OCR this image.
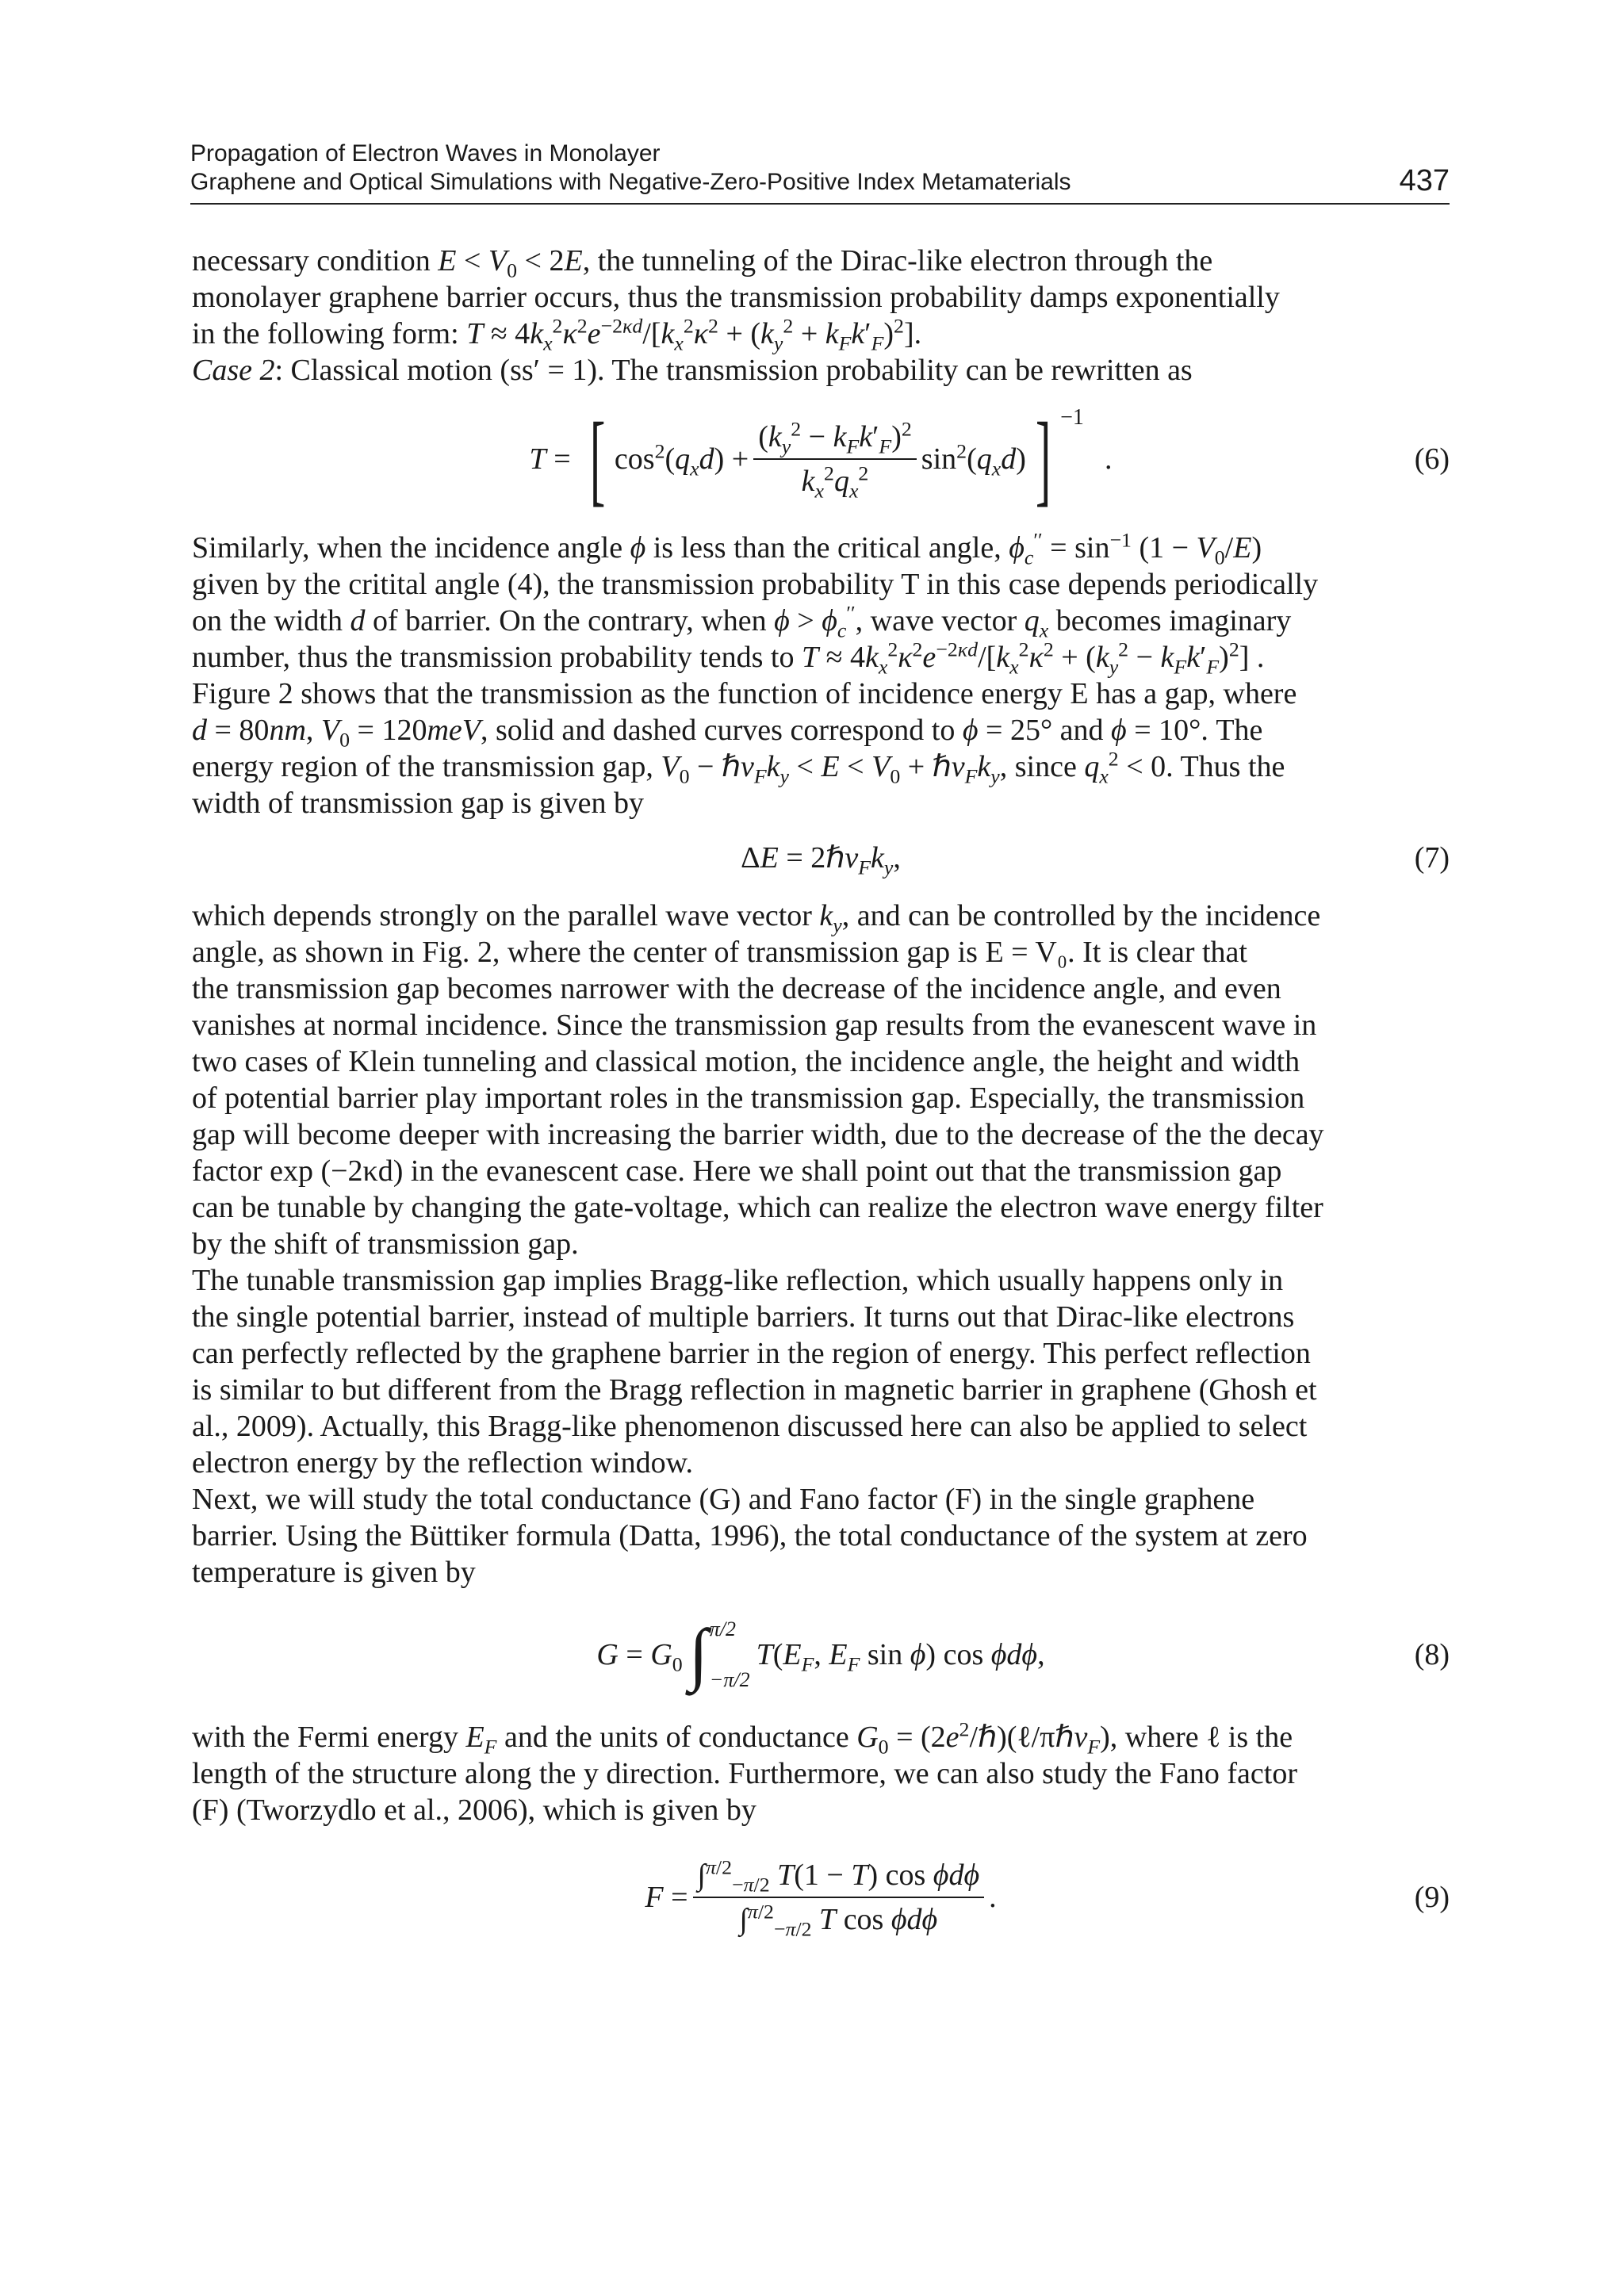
Propagation of Electron Waves in Monolayer
Graphene and Optical Simulations with Negative-Zero-Positive Index Metamaterials	437

necessary condition $E < V_0 < 2E$, the tunneling of the Dirac-like electron through the
monolayer graphene barrier occurs, thus the transmission probability damps exponentially
in the following form: $T \approx 4k_x^2\kappa^2e^{-2\kappa d}/[k_x^2\kappa^2 + (k_y^2 + k_Fk'_F)^2]$.
Case 2: Classical motion (ss′ = 1). The transmission probability can be rewritten as

T = [ $\cos^2(q_xd) + \frac{(k_y^2 - k_Fk'_F)^2}{k_x^2q_x^2} \sin^2(q_xd)$ ] −1
.	(6)

Similarly, when the incidence angle ϕ is less than the critical angle, $\phi_c'' = \sin^{-1} (1 - V_0/E)$
given by the critital angle (4), the transmission probability T in this case depends periodically
on the width d of barrier. On the contrary, when $\phi > \phi_c''$, wave vector $q_x$ becomes imaginary
number, thus the transmission probability tends to $T \approx 4k_x^2\kappa^2e^{-2\kappa d}/[k_x^2\kappa^2 + (k_y^2 - k_Fk'_F)^2]$ .
Figure 2 shows that the transmission as the function of incidence energy E has a gap, where
d = 80nm, $V_0 = 120meV$, solid and dashed curves correspond to ϕ = 25° and ϕ = 10°. The
energy region of the transmission gap, $V_0$ − $\hbar v_Fk_y < E < V_0$ + $\hbar v_Fk_y$, since $q_x^2 < 0$. Thus the
width of transmission gap is given by

$\Delta E = 2\hbar v_Fk_y$,	(7)

which depends strongly on the parallel wave vector $k_y$, and can be controlled by the incidence
angle, as shown in Fig. 2, where the center of transmission gap is E = V₀. It is clear that
the transmission gap becomes narrower with the decrease of the incidence angle, and even
vanishes at normal incidence. Since the transmission gap results from the evanescent wave in
two cases of Klein tunneling and classical motion, the incidence angle, the height and width
of potential barrier play important roles in the transmission gap. Especially, the transmission
gap will become deeper with increasing the barrier width, due to the decrease of the the decay
factor exp (−2κd) in the evanescent case. Here we shall point out that the transmission gap
can be tunable by changing the gate-voltage, which can realize the electron wave energy filter
by the shift of transmission gap.

The tunable transmission gap implies Bragg-like reflection, which usually happens only in
the single potential barrier, instead of multiple barriers. It turns out that Dirac-like electrons
can perfectly reflected by the graphene barrier in the region of energy. This perfect reflection
is similar to but different from the Bragg reflection in magnetic barrier in graphene (Ghosh et
al., 2009). Actually, this Bragg-like phenomenon discussed here can also be applied to select
electron energy by the reflection window.

Next, we will study the total conductance (G) and Fano factor (F) in the single graphene
barrier. Using the Büttiker formula (Datta, 1996), the total conductance of the system at zero
temperature is given by

$G = G_0$ ∫ π/2
−π/2
$T(E_F$, $E_F$ sin ϕ) cos ϕdϕ,	(8)

with the Fermi energy $E_F$ and the units of conductance $G_0$ = $(2e^2/\hbar)(\ell/\pi\hbar v_F)$, where ℓ is the
length of the structure along the y direction. Furthermore, we can also study the Fano factor
(F) (Tworzydlo et al., 2006), which is given by

$F = \frac{\int^{\pi/2}_{-\pi/2} T(1 - T) \cos \phi d\phi}{\int^{\pi/2}_{-\pi/2} T \cos \phi d\phi}$ .	(9)
